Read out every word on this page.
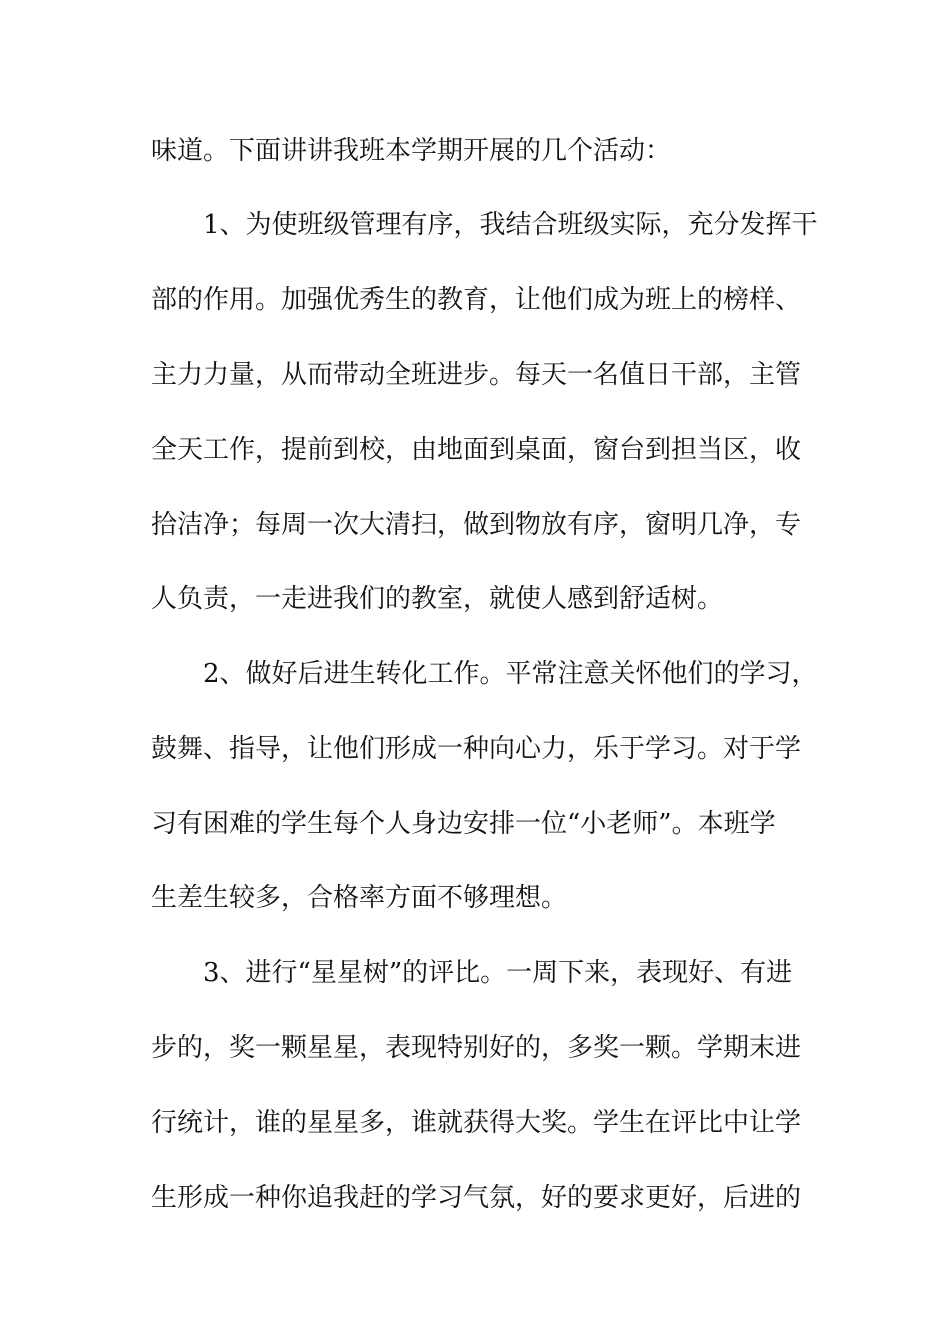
味道。下面讲讲我班本学期开展的几个活动：
1、为使班级管理有序，我结合班级实际，充分发挥干
部的作用。加强优秀生的教育，让他们成为班上的榜样、
主力力量，从而带动全班进步。每天一名值日干部，主管
全天工作，提前到校，由地面到桌面，窗台到担当区，收
拾洁净；每周一次大清扫，做到物放有序，窗明几净，专
人负责，一走进我们的教室，就使人感到舒适树。
2、做好后进生转化工作。平常注意关怀他们的学习，
鼓舞、指导，让他们形成一种向心力，乐于学习。对于学
习有困难的学生每个人身边安排一位“小老师”。本班学
生差生较多，合格率方面不够理想。
3、进行“星星树”的评比。一周下来，表现好、有进
步的，奖一颗星星，表现特别好的，多奖一颗。学期末进
行统计，谁的星星多，谁就获得大奖。学生在评比中让学
生形成一种你追我赶的学习气氛，好的要求更好，后进的
